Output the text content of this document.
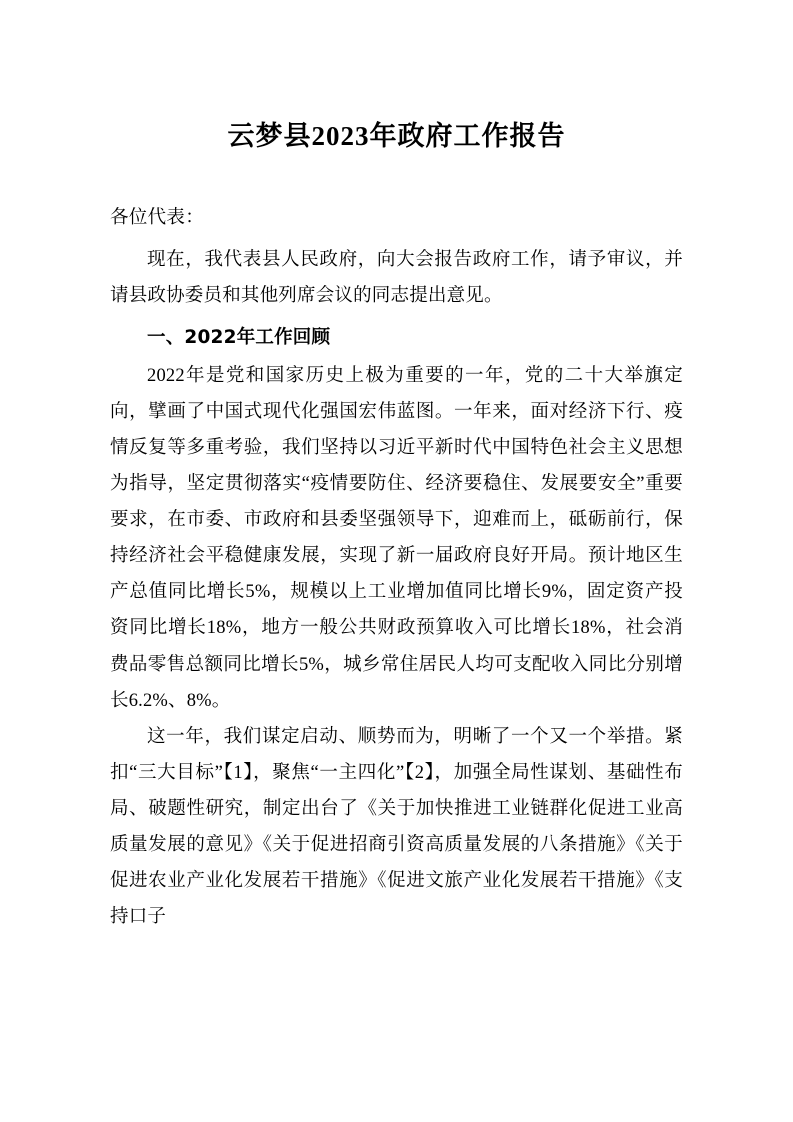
云梦县2023年政府工作报告

各位代表：

现在，我代表县人民政府，向大会报告政府工作，请予审议，并请县政协委员和其他列席会议的同志提出意见。

一、2022年工作回顾

2022年是党和国家历史上极为重要的一年，党的二十大举旗定向，擘画了中国式现代化强国宏伟蓝图。一年来，面对经济下行、疫情反复等多重考验，我们坚持以习近平新时代中国特色社会主义思想为指导，坚定贯彻落实“疫情要防住、经济要稳住、发展要安全”重要要求，在市委、市政府和县委坚强领导下，迎难而上，砥砺前行，保持经济社会平稳健康发展，实现了新一届政府良好开局。预计地区生产总值同比增长5%，规模以上工业增加值同比增长9%，固定资产投资同比增长18%，地方一般公共财政预算收入可比增长18%，社会消费品零售总额同比增长5%，城乡常住居民人均可支配收入同比分别增长6.2%、8%。

这一年，我们谋定启动、顺势而为，明晰了一个又一个举措。紧扣“三大目标”【1】，聚焦“一主四化”【2】，加强全局性谋划、基础性布局、破题性研究，制定出台了《关于加快推进工业链群化促进工业高质量发展的意见》《关于促进招商引资高质量发展的八条措施》《关于促进农业产业化发展若干措施》《促进文旅产业化发展若干措施》《支持口子
